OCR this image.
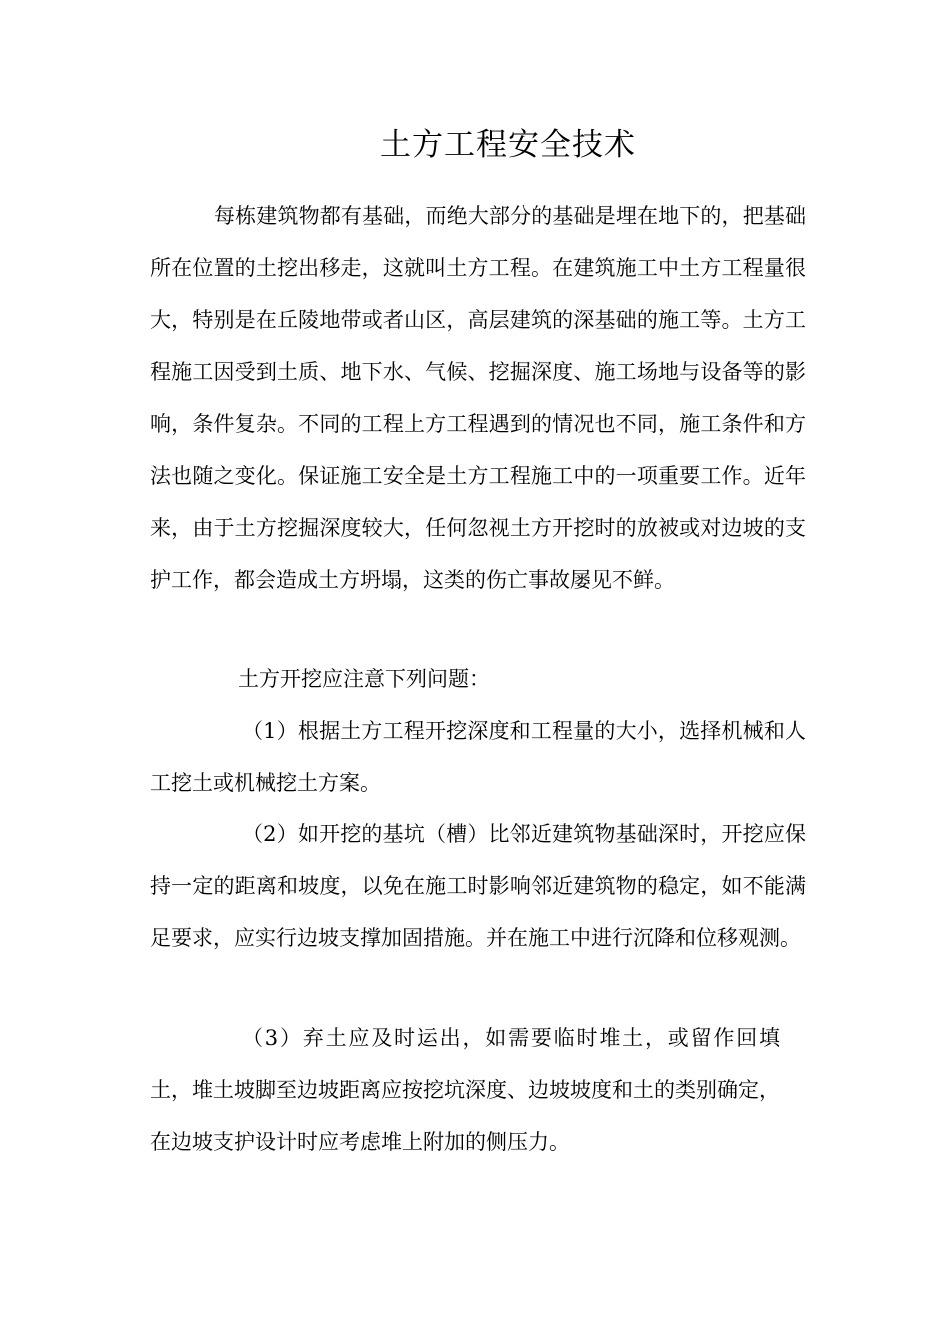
土方工程安全技术

每栋建筑物都有基础，而绝大部分的基础是埋在地下的，把基础所在位置的土挖出移走，这就叫土方工程。在建筑施工中土方工程量很大，特别是在丘陵地带或者山区，高层建筑的深基础的施工等。土方工程施工因受到土质、地下水、气候、挖掘深度、施工场地与设备等的影响，条件复杂。不同的工程上方工程遇到的情况也不同，施工条件和方法也随之变化。保证施工安全是土方工程施工中的一项重要工作。近年来，由于土方挖掘深度较大，任何忽视土方开挖时的放被或对边坡的支护工作，都会造成土方坍塌，这类的伤亡事故屡见不鲜。

土方开挖应注意下列问题：

（1）根据土方工程开挖深度和工程量的大小，选择机械和人工挖土或机械挖土方案。

（2）如开挖的基坑（槽）比邻近建筑物基础深时，开挖应保持一定的距离和坡度，以免在施工时影响邻近建筑物的稳定，如不能满足要求，应实行边坡支撑加固措施。并在施工中进行沉降和位移观测。

（3）弃土应及时运出，如需要临时堆土，或留作回填土，堆土坡脚至边坡距离应按挖坑深度、边坡坡度和土的类别确定，在边坡支护设计时应考虑堆上附加的侧压力。
